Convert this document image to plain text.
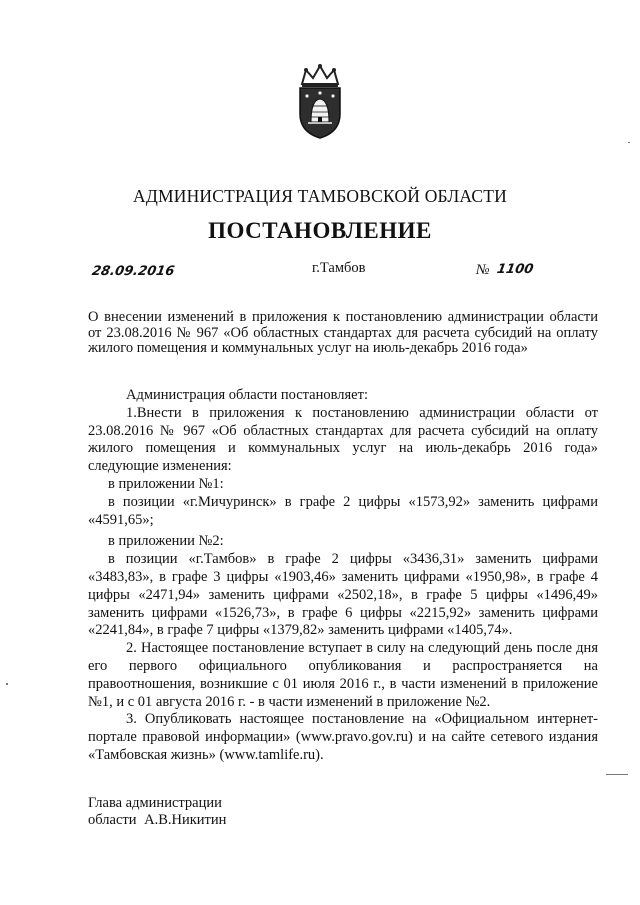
АДМИНИСТРАЦИЯ ТАМБОВСКОЙ ОБЛАСТИ
ПОСТАНОВЛЕНИЕ
28.09.2016	г.Тамбов	№ 1100
О внесении изменений в приложения к постановлению администрации области от 23.08.2016 № 967 «Об областных стандартах для расчета субсидий на оплату жилого помещения и коммунальных услуг на июль-декабрь 2016 года»

Администрация области постановляет:

1.Внести в приложения к постановлению администрации области от 23.08.2016 № 967 «Об областных стандартах для расчета субсидий на оплату жилого помещения и коммунальных услуг на июль-декабрь 2016 года» следующие изменения:

в приложении №1:

в позиции «г.Мичуринск» в графе 2 цифры «1573,92» заменить цифрами «4591,65»;

в приложении №2:

в позиции «г.Тамбов» в графе 2 цифры «3436,31» заменить цифрами «3483,83», в графе 3 цифры «1903,46» заменить цифрами «1950,98», в графе 4 цифры «2471,94» заменить цифрами «2502,18», в графе 5 цифры «1496,49» заменить цифрами «1526,73», в графе 6 цифры «2215,92» заменить цифрами «2241,84», в графе 7 цифры «1379,82» заменить цифрами «1405,74».

2. Настоящее постановление вступает в силу на следующий день после дня его первого официального опубликования и распространяется на правоотношения, возникшие с 01 июля 2016 г., в части изменений в приложение №1, и с 01 августа 2016 г. - в части изменений в приложение №2.

3. Опубликовать настоящее постановление на «Официальном интернет-портале правовой информации» (www.pravo.gov.ru) и на сайте сетевого издания «Тамбовская жизнь» (www.tamlife.ru).

Глава администрации
области А.В.Никитин
